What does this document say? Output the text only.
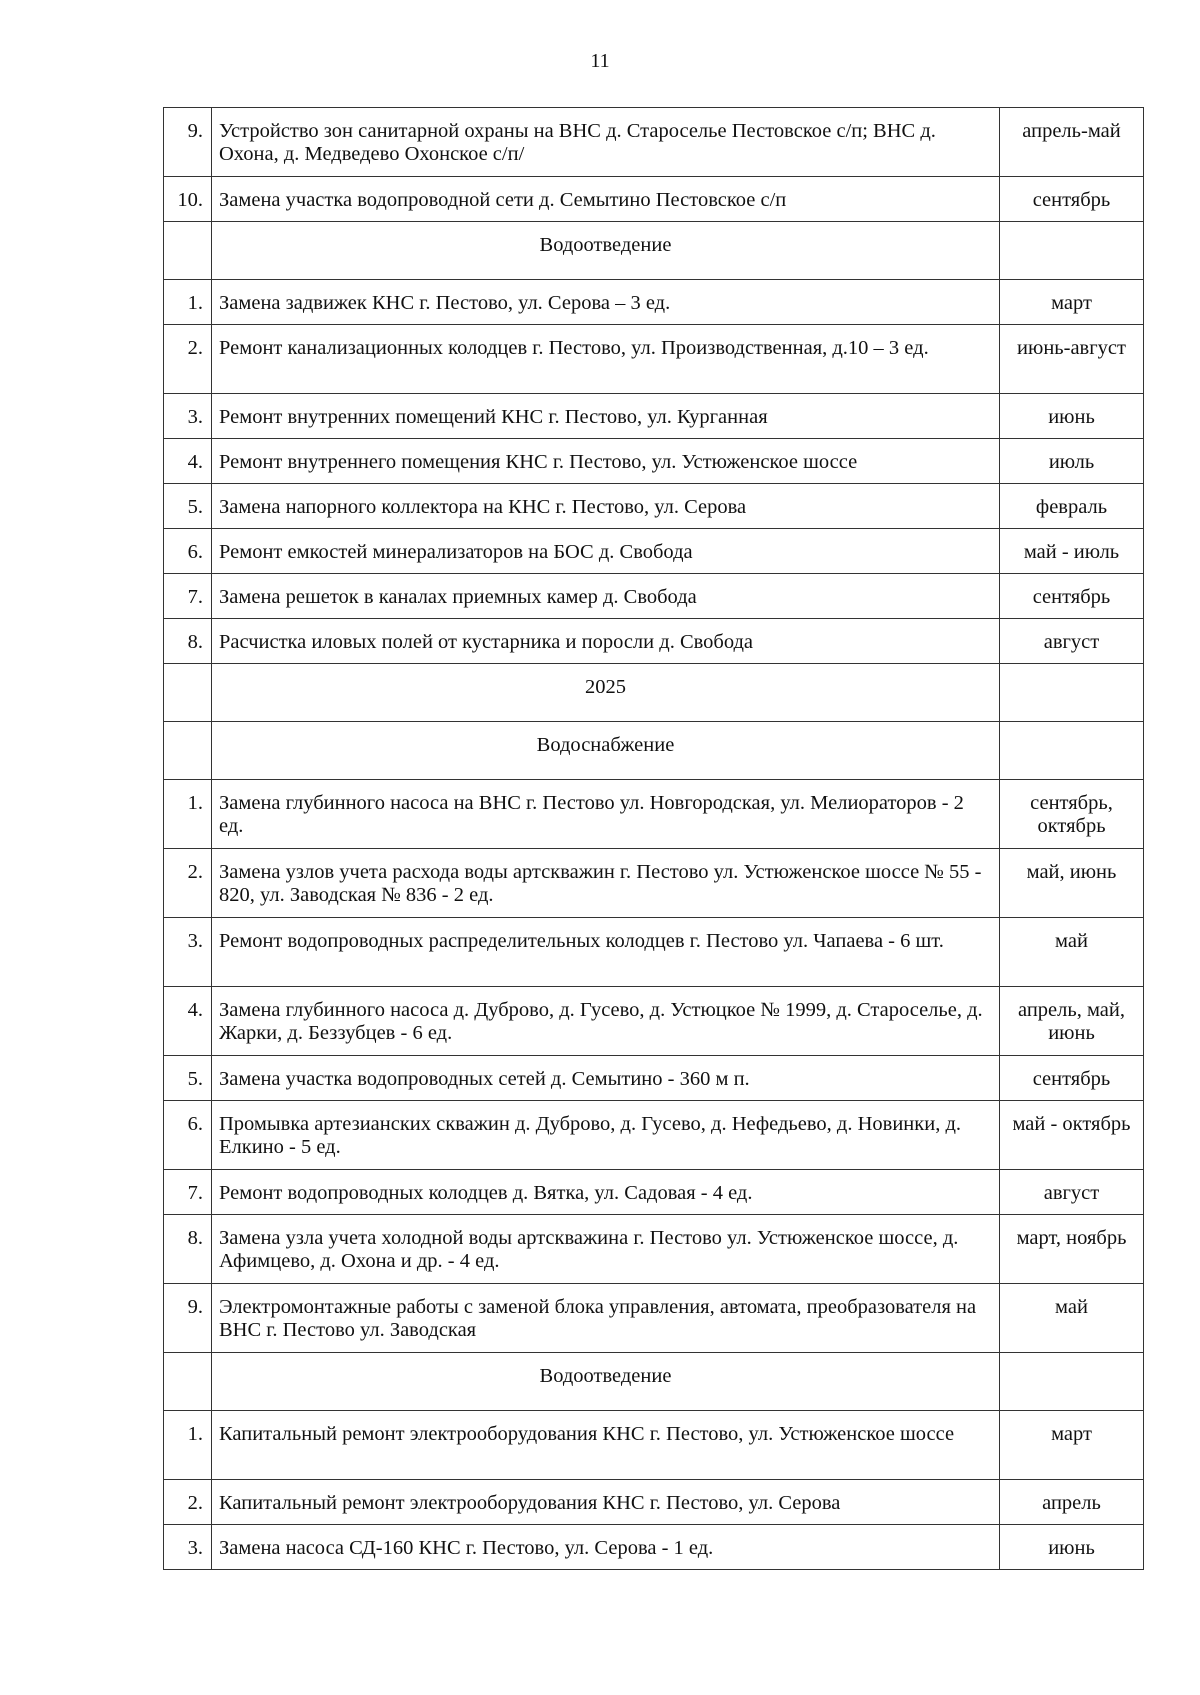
11
9.	Устройство зон санитарной охраны на ВНС д. Староселье Пестовское с/п; ВНС д. Охона, д. Медведево Охонское с/п/	апрель-май
10.	Замена участка водопроводной сети д. Семытино Пестовское с/п	сентябрь
	Водоотведение	
1.	Замена задвижек КНС г. Пестово, ул. Серова – 3 ед.	март
2.	Ремонт канализационных колодцев г. Пестово, ул. Производственная, д.10 – 3 ед.	июнь-август
3.	Ремонт внутренних помещений КНС г. Пестово, ул. Курганная	июнь
4.	Ремонт внутреннего помещения КНС г. Пестово, ул. Устюженское шоссе	июль
5.	Замена напорного коллектора на КНС г. Пестово, ул. Серова	февраль
6.	Ремонт емкостей минерализаторов на БОС д. Свобода	май - июль
7.	Замена решеток в каналах приемных камер д. Свобода	сентябрь
8.	Расчистка иловых полей от кустарника и поросли д. Свобода	август
	2025	
	Водоснабжение	
1.	Замена глубинного насоса на ВНС г. Пестово ул. Новгородская, ул. Мелиораторов - 2 ед.	сентябрь, октябрь
2.	Замена узлов учета расхода воды артскважин г. Пестово ул. Устюженское шоссе № 55 - 820, ул. Заводская № 836 - 2 ед.	май, июнь
3.	Ремонт водопроводных распределительных колодцев г. Пестово ул. Чапаева - 6 шт.	май
4.	Замена глубинного насоса д. Дуброво, д. Гусево, д. Устюцкое № 1999, д. Староселье, д. Жарки, д. Беззубцев - 6 ед.	апрель, май, июнь
5.	Замена участка водопроводных сетей д. Семытино - 360 м п.	сентябрь
6.	Промывка артезианских скважин д. Дуброво, д. Гусево, д. Нефедьево, д. Новинки, д. Елкино - 5 ед.	май - октябрь
7.	Ремонт водопроводных колодцев д. Вятка, ул. Садовая - 4 ед.	август
8.	Замена узла учета холодной воды артскважина г. Пестово ул. Устюженское шоссе, д. Афимцево, д. Охона и др. - 4 ед.	март, ноябрь
9.	Электромонтажные работы с заменой блока управления, автомата, преобразователя на ВНС г. Пестово ул. Заводская	май
	Водоотведение	
1.	Капитальный ремонт электрооборудования КНС г. Пестово, ул. Устюженское шоссе	март
2.	Капитальный ремонт электрооборудования КНС г. Пестово, ул. Серова	апрель
3.	Замена насоса СД-160 КНС г. Пестово, ул. Серова - 1 ед.	июнь
